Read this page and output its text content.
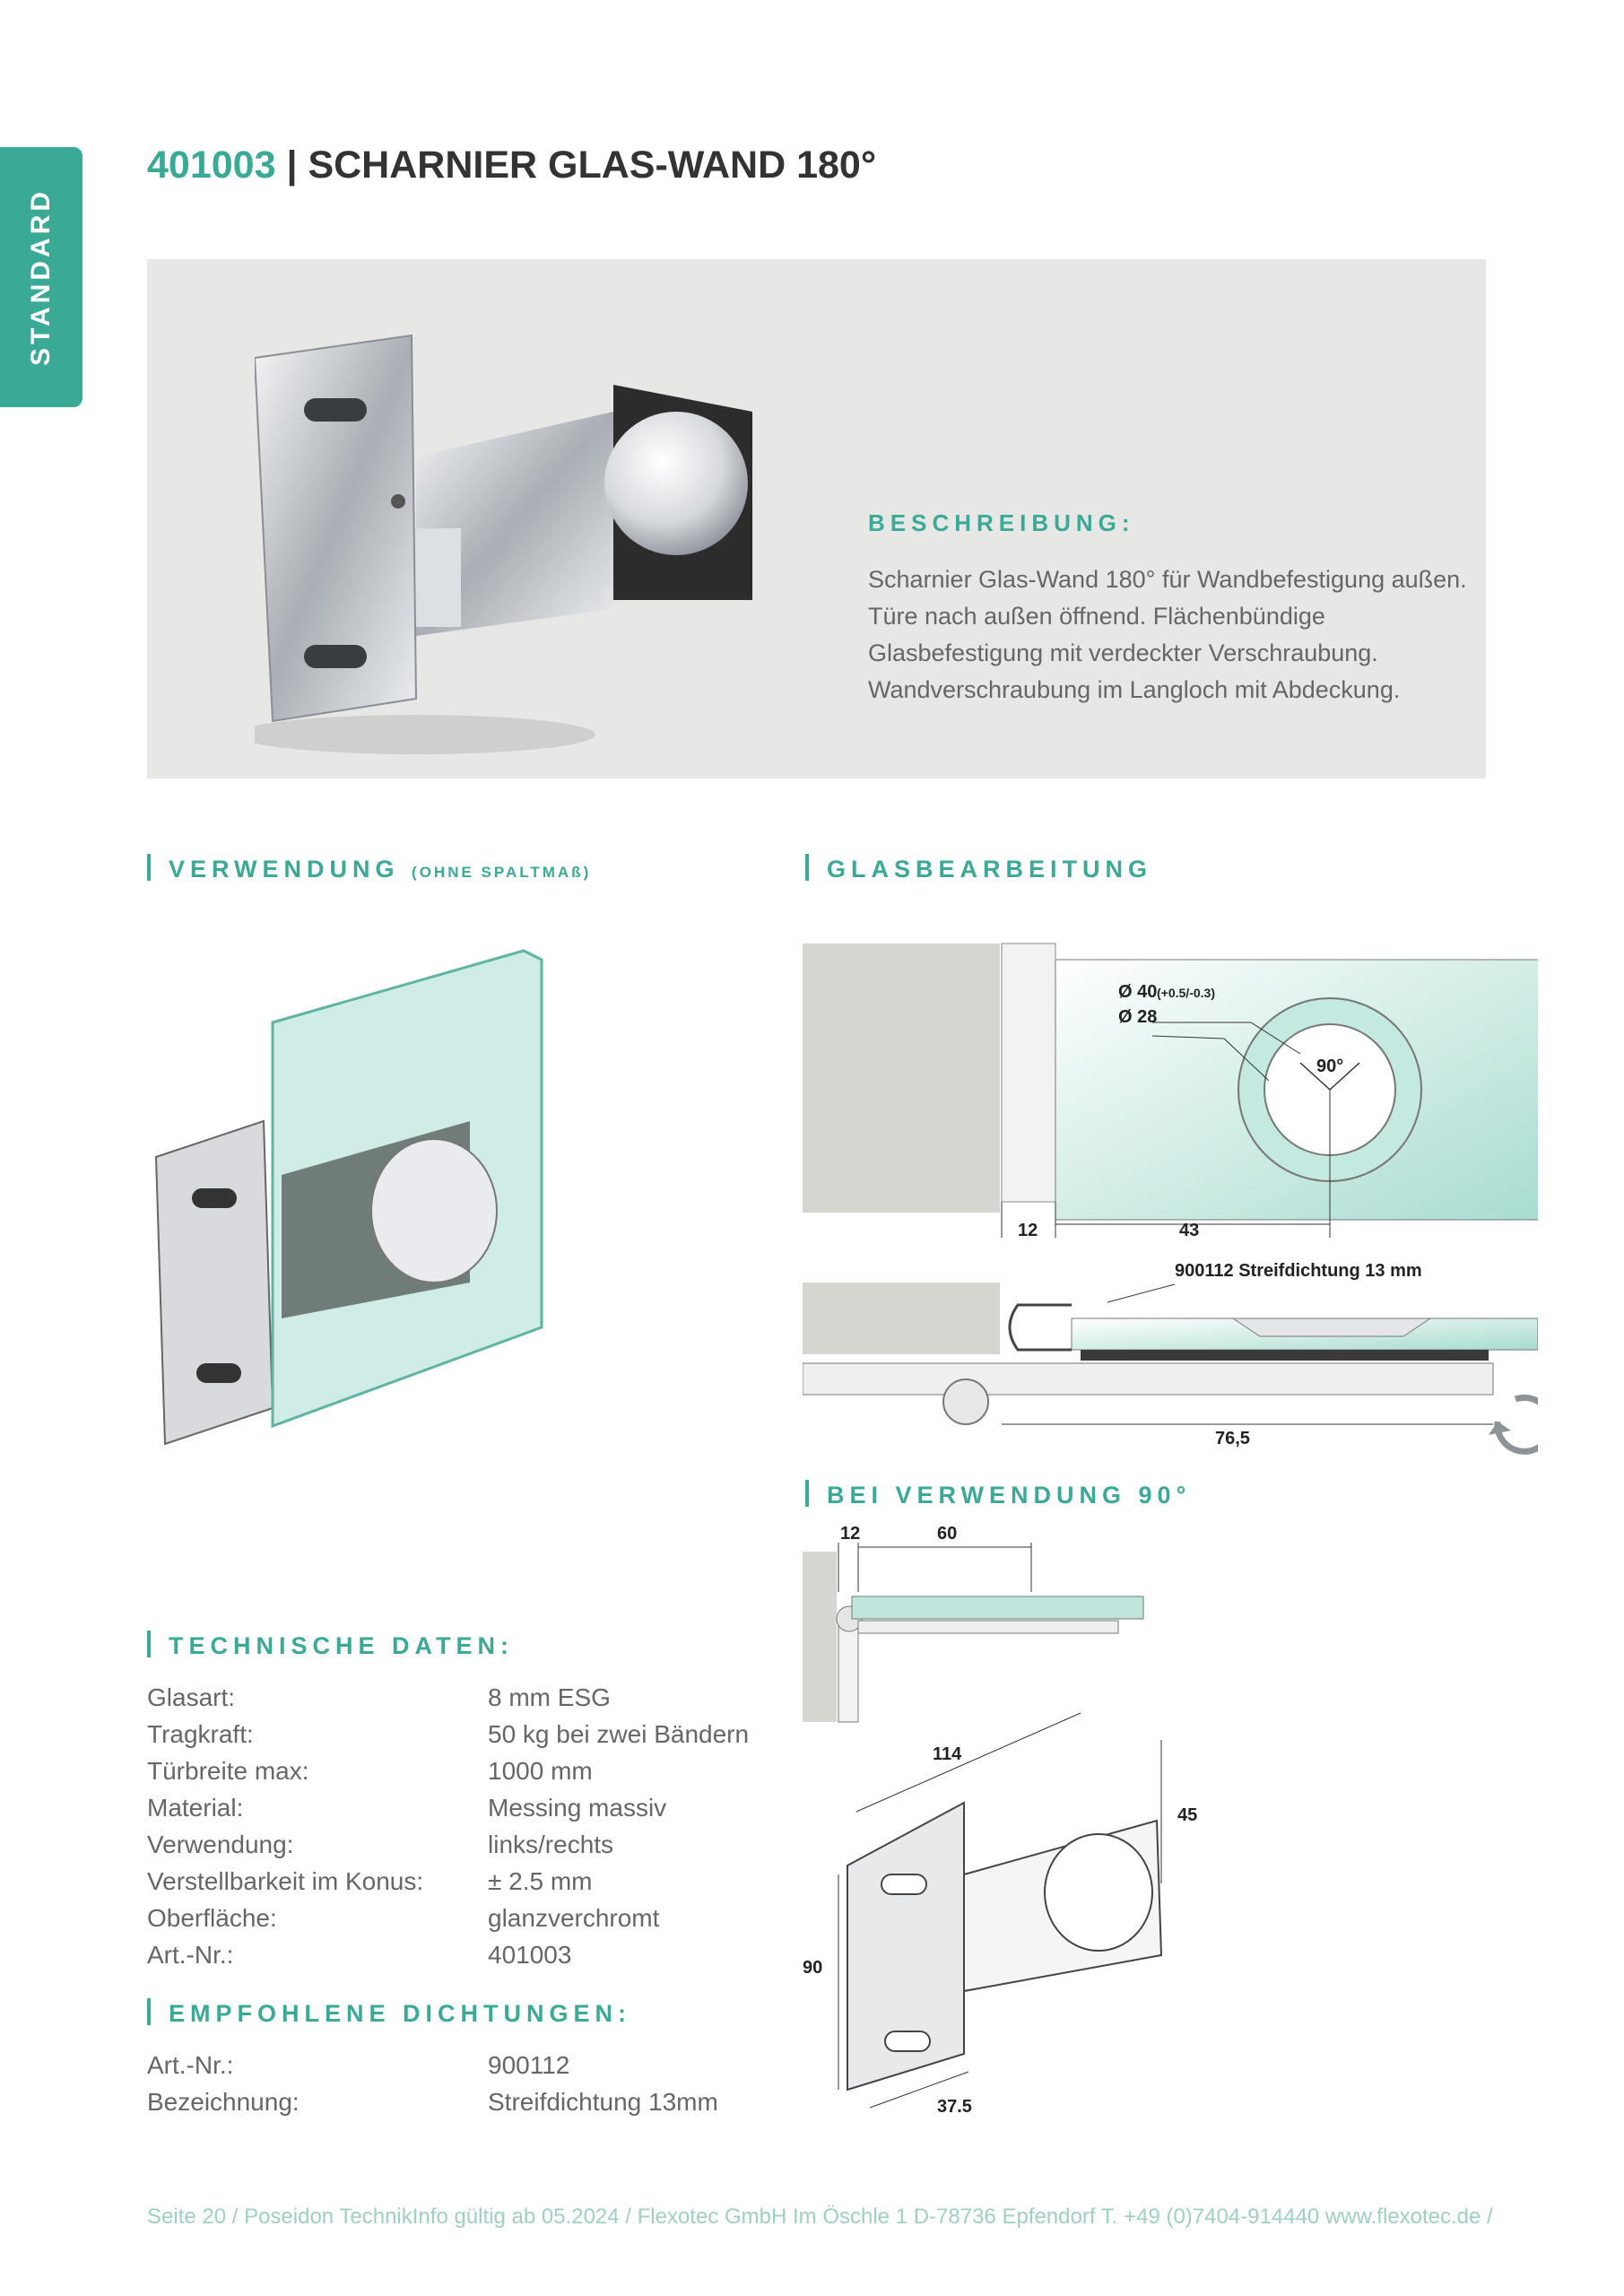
STANDARD
401003 | SCHARNIER GLAS-WAND 180°
BESCHREIBUNG:
Scharnier Glas-Wand 180° für Wandbefestigung außen. Türe nach außen öffnend. Flächenbündige Glasbefestigung mit verdeckter Verschraubung. Wandverschraubung im Langloch mit Abdeckung.
VERWENDUNG (OHNE SPALTMAß)	GLASBEARBEITUNG
BEI VERWENDUNG 90°
TECHNISCHE DATEN:
EMPFOHLENE DICHTUNGEN:
Ø 40 (+0.5/-0.3)
Ø 28
90°
12	43
900112 Streifdichtung 13 mm
76,5
12	60
114
45
90
37.5
Glasart:	8 mm ESG
Tragkraft:	50 kg bei zwei Bändern
Türbreite max:	1000 mm
Material:	Messing massiv
Verwendung:	links/rechts
Verstellbarkeit im Konus:	± 2.5 mm
Oberfläche:	glanzverchromt
Art.-Nr.:	401003
Art.-Nr.:	900112
Bezeichnung:	Streifdichtung 13mm
Seite 20 / Poseidon TechnikInfo gültig ab 05.2024 / Flexotec GmbH Im Öschle 1 D-78736 Epfendorf T. +49 (0)7404-914440 www.flexotec.de /
